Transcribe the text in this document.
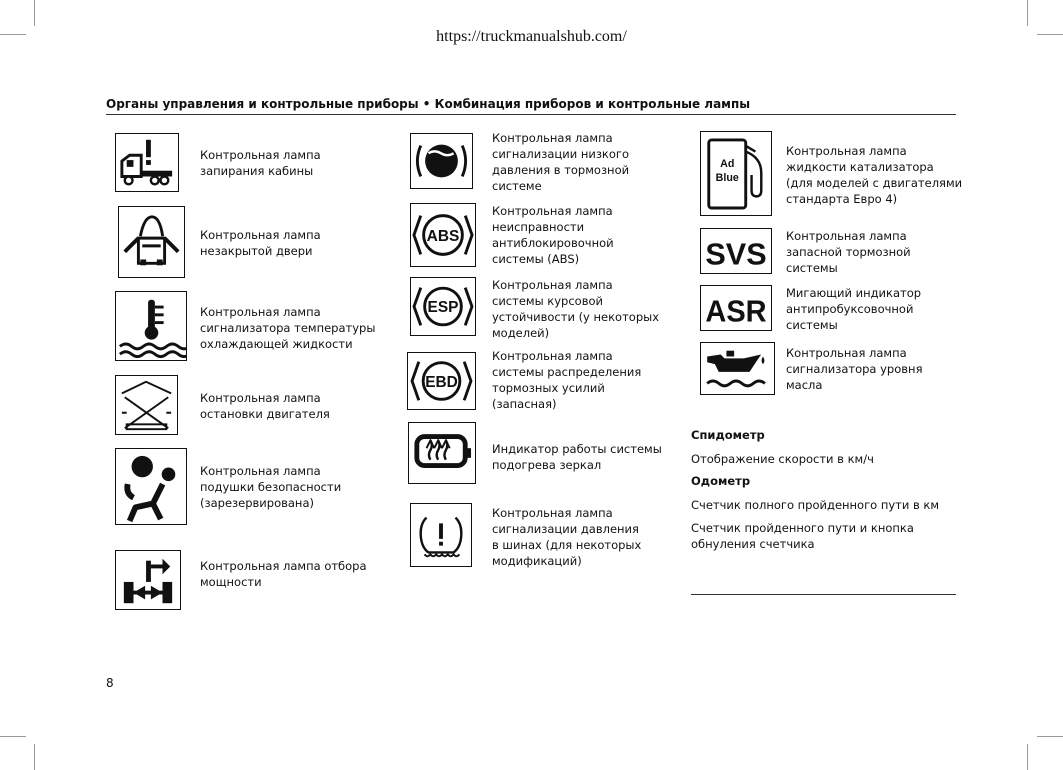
https://truckmanualshub.com/
Органы управления и контрольные приборы • Комбинация приборов и контрольные лампы
Контрольная лампа
запирания кабины
Контрольная лампа
незакрытой двери
Контрольная лампа
сигнализатора температуры
охлаждающей жидкости
Контрольная лампа
остановки двигателя
Контрольная лампа
подушки безопасности
(зарезервирована)
Контрольная лампа отбора
мощности
Контрольная лампа
сигнализации низкого
давления в тормозной
системе
ABS
Контрольная лампа
неисправности
антиблокировочной
системы (ABS)
ESP
Контрольная лампа
системы курсовой
устойчивости (у некоторых
моделей)
EBD
Контрольная лампа
системы распределения
тормозных усилий
(запасная)
Индикатор работы системы
подогрева зеркал
Контрольная лампа
сигнализации давления
в шинах (для некоторых
модификаций)
Ad
Blue
Контрольная лампа
жидкости катализатора
(для моделей с двигателями
стандарта Евро 4)
SVS
Контрольная лампа
запасной тормозной
системы
ASR
Мигающий индикатор
антипробуксовочной
системы
Контрольная лампа
сигнализатора уровня
масла
Спидометр
Отображение скорости в км/ч
Одометр
Счетчик полного пройденного пути в км
Счетчик пройденного пути и кнопка
обнуления счетчика
8
